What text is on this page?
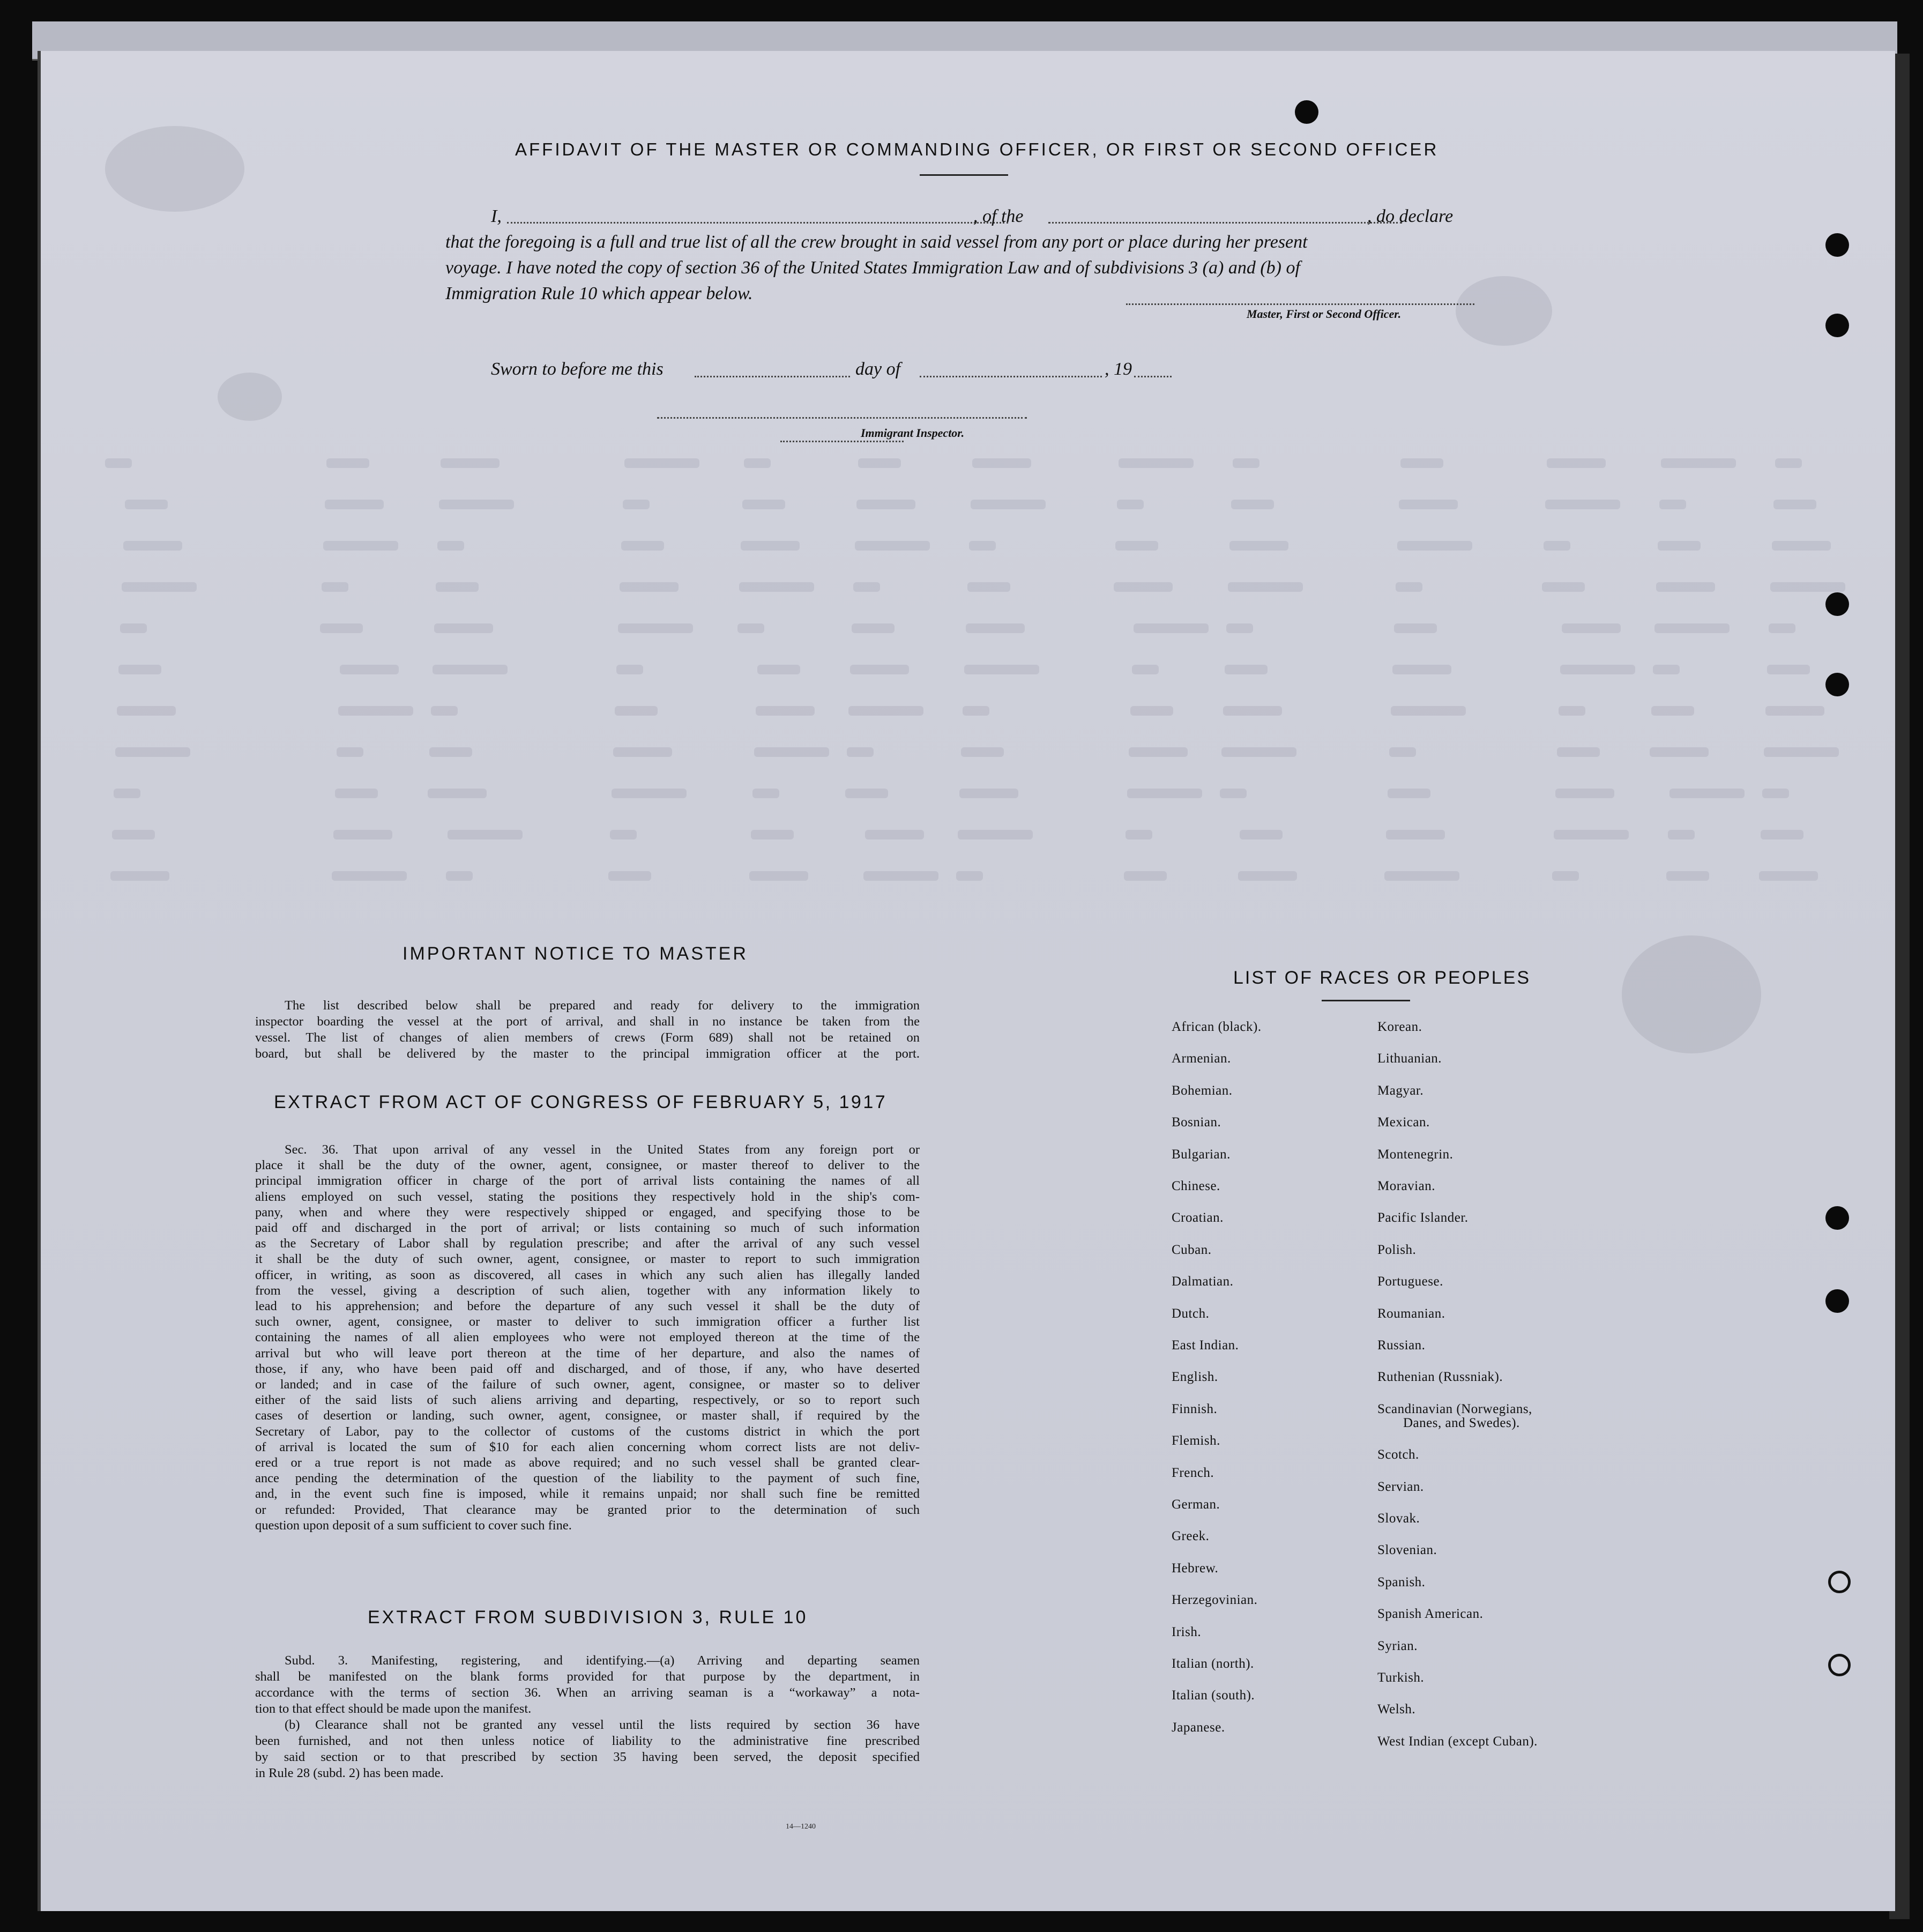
AFFIDAVIT OF THE MASTER OR COMMANDING OFFICER, OR FIRST OR SECOND OFFICER
I,	, of the	, do declare
that the foregoing is a full and true list of all the crew brought in said vessel from any port or place during her present
voyage. I have noted the copy of section 36 of the United States Immigration Law and of subdivisions 3 (a) and (b) of
Immigration Rule 10 which appear below.
Master, First or Second Officer.
Sworn to before me this	day of	, 19
Immigrant Inspector.
IMPORTANT NOTICE TO MASTER
The list described below shall be prepared and ready for delivery to the immigration
inspector boarding the vessel at the port of arrival, and shall in no instance be taken from the
vessel. The list of changes of alien members of crews (Form 689) shall not be retained on
board, but shall be delivered by the master to the principal immigration officer at the port.
EXTRACT FROM ACT OF CONGRESS OF FEBRUARY 5, 1917
Sec. 36. That upon arrival of any vessel in the United States from any foreign port or
place it shall be the duty of the owner, agent, consignee, or master thereof to deliver to the
principal immigration officer in charge of the port of arrival lists containing the names of all
aliens employed on such vessel, stating the positions they respectively hold in the ship's com-
pany, when and where they were respectively shipped or engaged, and specifying those to be
paid off and discharged in the port of arrival; or lists containing so much of such information
as the Secretary of Labor shall by regulation prescribe; and after the arrival of any such vessel
it shall be the duty of such owner, agent, consignee, or master to report to such immigration
officer, in writing, as soon as discovered, all cases in which any such alien has illegally landed
from the vessel, giving a description of such alien, together with any information likely to
lead to his apprehension; and before the departure of any such vessel it shall be the duty of
such owner, agent, consignee, or master to deliver to such immigration officer a further list
containing the names of all alien employees who were not employed thereon at the time of the
arrival but who will leave port thereon at the time of her departure, and also the names of
those, if any, who have been paid off and discharged, and of those, if any, who have deserted
or landed; and in case of the failure of such owner, agent, consignee, or master so to deliver
either of the said lists of such aliens arriving and departing, respectively, or so to report such
cases of desertion or landing, such owner, agent, consignee, or master shall, if required by the
Secretary of Labor, pay to the collector of customs of the customs district in which the port
of arrival is located the sum of $10 for each alien concerning whom correct lists are not deliv-
ered or a true report is not made as above required; and no such vessel shall be granted clear-
ance pending the determination of the question of the liability to the payment of such fine,
and, in the event such fine is imposed, while it remains unpaid; nor shall such fine be remitted
or refunded: Provided, That clearance may be granted prior to the determination of such
question upon deposit of a sum sufficient to cover such fine.
EXTRACT FROM SUBDIVISION 3, RULE 10
Subd. 3. Manifesting, registering, and identifying.—(a) Arriving and departing seamen
shall be manifested on the blank forms provided for that purpose by the department, in
accordance with the terms of section 36. When an arriving seaman is a “workaway” a nota-
tion to that effect should be made upon the manifest.
(b) Clearance shall not be granted any vessel until the lists required by section 36 have
been furnished, and not then unless notice of liability to the administrative fine prescribed
by said section or to that prescribed by section 35 having been served, the deposit specified
in Rule 28 (subd. 2) has been made.
14—1240
LIST OF RACES OR PEOPLES
African (black).
Armenian.
Bohemian.
Bosnian.
Bulgarian.
Chinese.
Croatian.
Cuban.
Dalmatian.
Dutch.
East Indian.
English.
Finnish.
Flemish.
French.
German.
Greek.
Hebrew.
Herzegovinian.
Irish.
Italian (north).
Italian (south).
Japanese.
Korean.
Lithuanian.
Magyar.
Mexican.
Montenegrin.
Moravian.
Pacific Islander.
Polish.
Portuguese.
Roumanian.
Russian.
Ruthenian (Russniak).
Scandinavian (Norwegians,
Danes, and Swedes).
Scotch.
Servian.
Slovak.
Slovenian.
Spanish.
Spanish American.
Syrian.
Turkish.
Welsh.
West Indian (except Cuban).
